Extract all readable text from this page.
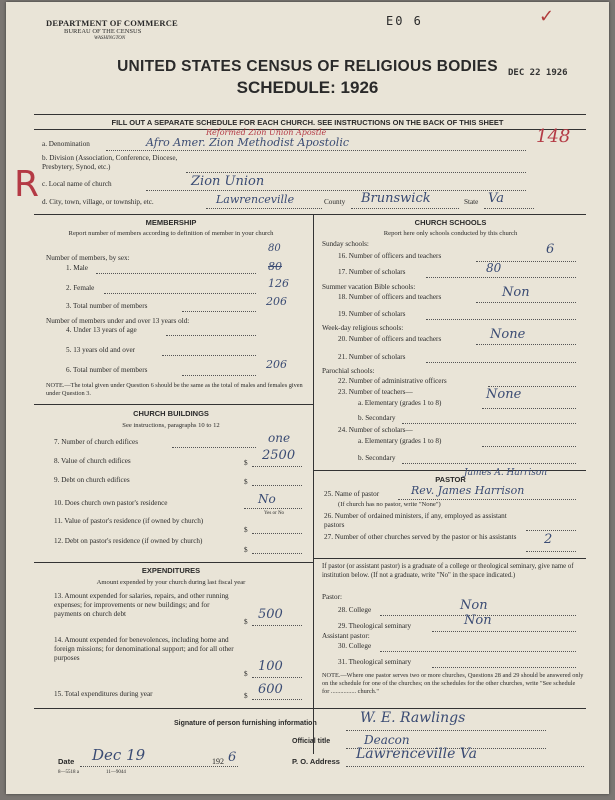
DEPARTMENT OF COMMERCE
BUREAU OF THE CENSUS
WASHINGTON
E0 6	✓
UNITED STATES CENSUS OF RELIGIOUS BODIES
SCHEDULE: 1926
DEC 22 1926
FILL OUT A SEPARATE SCHEDULE FOR EACH CHURCH. SEE INSTRUCTIONS ON THE BACK OF THIS SHEET
a. Denomination	Afro Amer. Zion Methodist Apostolic
Reformed Zion Union Apostle	148
b. Division (Association, Conference, Diocese, Presbytery, Synod, etc.)
R c. Local name of church	Zion Union
d. City, town, village, or township, etc.	Lawrenceville	County Brunswick	State Va
MEMBERSHIP
Report number of members according to definition of member in your church
Number of members, by sex:
80
1. Male	80
2. Female	126
3. Total number of members	206
Number of members under and over 13 years old:
4. Under 13 years of age
5. 13 years old and over
6. Total number of members	206
NOTE.—The total given under Question 6 should be the same as the total of males and females given under Question 3.
CHURCH BUILDINGS
See instructions, paragraphs 10 to 12
7. Number of church edifices	one
8. Value of church edifices	$ 2500
9. Debt on church edifices	$
10. Does church own pastor's residence	No
Yes or No
11. Value of pastor's residence (if owned by church)
$
12. Debt on pastor's residence (if owned by church)
$
EXPENDITURES
Amount expended by your church during last fiscal year
13. Amount expended for salaries, repairs, and other running expenses; for improvements or new buildings; and for payments on church debt
$ 500
14. Amount expended for benevolences, including home and foreign missions; for denominational support; and for all other purposes
$ 100
15. Total expenditures during year	$ 600
CHURCH SCHOOLS
Report here only schools conducted by this church
Sunday schools:
16. Number of officers and teachers	6
17. Number of scholars	80
Summer vacation Bible schools:
18. Number of officers and teachers	Non
19. Number of scholars
Week-day religious schools:
20. Number of officers and teachers	None
21. Number of scholars
Parochial schools:
22. Number of administrative officers
23. Number of teachers—
a. Elementary (grades 1 to 8)
None
b. Secondary
24. Number of scholars—
a. Elementary (grades 1 to 8)
b. Secondary
PASTOR
James A. Harrison
25. Name of pastor	Rev. James Harrison
(If church has no pastor, write "None")
26. Number of ordained ministers, if any, employed as assistant pastors
27. Number of other churches served by the pastor or his assistants	2
If pastor (or assistant pastor) is a graduate of a college or theological seminary, give name of institution below. (If not a graduate, write "No" in the space indicated.)
Pastor:
28. College	Non
29. Theological seminary	Non
Assistant pastor:
30. College
31. Theological seminary
NOTE.—Where one pastor serves two or more churches, Questions 28 and 29 should be answered only on the schedule for one of the churches; on the schedules for the other churches, write "See schedule for ................ church."
Signature of person furnishing information	W. E. Rawlings
Official title	Deacon
Date Dec 19	192 6	P. O. Address Lawrenceville Va
8—5518 a	11—9044
